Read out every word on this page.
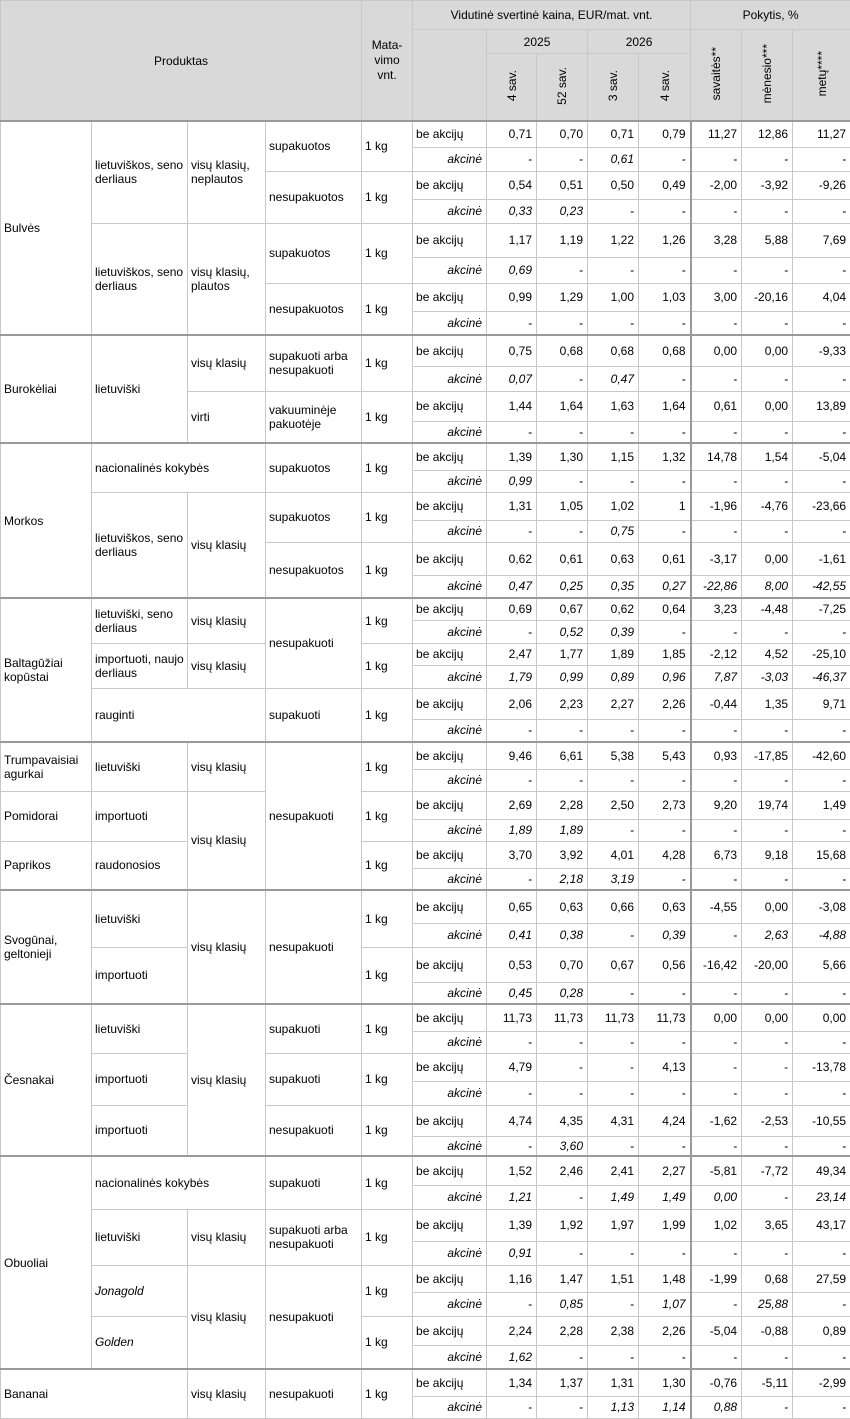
Produktas				Mata-vimo vnt.	Vidutinė svertinė kaina, EUR/mat. vnt.					Pokytis, %		
						2025		2026		savaitės**	mėnesio***	metų****
						4 sav.	52 sav.	3 sav.	4 sav.			
Bulvės	lietuviškos, seno derliaus	visų klasių, neplautos	supakuotos	1 kg	be akcijų	0,71	0,70	0,71	0,79	11,27	12,86	11,27
					akcinė	-	-	0,61	-	-	-	-
			nesupakuotos	1 kg	be akcijų	0,54	0,51	0,50	0,49	-2,00	-3,92	-9,26
					akcinė	0,33	0,23	-	-	-	-	-
	lietuviškos, seno derliaus	visų klasių, plautos	supakuotos	1 kg	be akcijų	1,17	1,19	1,22	1,26	3,28	5,88	7,69
					akcinė	0,69	-	-	-	-	-	-
			nesupakuotos	1 kg	be akcijų	0,99	1,29	1,00	1,03	3,00	-20,16	4,04
					akcinė	-	-	-	-	-	-	-
Burokėliai	lietuviški	visų klasių	supakuoti arba nesupakuoti	1 kg	be akcijų	0,75	0,68	0,68	0,68	0,00	0,00	-9,33
					akcinė	0,07	-	0,47	-	-	-	-
		virti	vakuuminėje pakuotėje	1 kg	be akcijų	1,44	1,64	1,63	1,64	0,61	0,00	13,89
					akcinė	-	-	-	-	-	-	-
Morkos	nacionalinės kokybės		supakuotos	1 kg	be akcijų	1,39	1,30	1,15	1,32	14,78	1,54	-5,04
					akcinė	0,99	-	-	-	-	-	-
	lietuviškos, seno derliaus	visų klasių	supakuotos	1 kg	be akcijų	1,31	1,05	1,02	1	-1,96	-4,76	-23,66
					akcinė	-	-	0,75	-	-	-	-
			nesupakuotos	1 kg	be akcijų	0,62	0,61	0,63	0,61	-3,17	0,00	-1,61
					akcinė	0,47	0,25	0,35	0,27	-22,86	8,00	-42,55
Baltagūžiai kopūstai	lietuviški, seno derliaus	visų klasių	nesupakuoti	1 kg	be akcijų	0,69	0,67	0,62	0,64	3,23	-4,48	-7,25
					akcinė	-	0,52	0,39	-	-	-	-
	importuoti, naujo derliaus	visų klasių		1 kg	be akcijų	2,47	1,77	1,89	1,85	-2,12	4,52	-25,10
					akcinė	1,79	0,99	0,89	0,96	7,87	-3,03	-46,37
	rauginti		supakuoti	1 kg	be akcijų	2,06	2,23	2,27	2,26	-0,44	1,35	9,71
					akcinė	-	-	-	-	-	-	-
Trumpavaisiai agurkai	lietuviški	visų klasių	nesupakuoti	1 kg	be akcijų	9,46	6,61	5,38	5,43	0,93	-17,85	-42,60
					akcinė	-	-	-	-	-	-	-
Pomidorai	importuoti	visų klasių		1 kg	be akcijų	2,69	2,28	2,50	2,73	9,20	19,74	1,49
					akcinė	1,89	1,89	-	-	-	-	-
Paprikos	raudonosios			1 kg	be akcijų	3,70	3,92	4,01	4,28	6,73	9,18	15,68
					akcinė	-	2,18	3,19	-	-	-	-
Svogūnai, geltonieji	lietuviški	visų klasių	nesupakuoti	1 kg	be akcijų	0,65	0,63	0,66	0,63	-4,55	0,00	-3,08
					akcinė	0,41	0,38	-	0,39	-	2,63	-4,88
	importuoti			1 kg	be akcijų	0,53	0,70	0,67	0,56	-16,42	-20,00	5,66
					akcinė	0,45	0,28	-	-	-	-	-
Česnakai	lietuviški	visų klasių	supakuoti	1 kg	be akcijų	11,73	11,73	11,73	11,73	0,00	0,00	0,00
					akcinė	-	-	-	-	-	-	-
	importuoti		supakuoti	1 kg	be akcijų	4,79	-	-	4,13	-	-	-13,78
					akcinė	-	-	-	-	-	-	-
	importuoti		nesupakuoti	1 kg	be akcijų	4,74	4,35	4,31	4,24	-1,62	-2,53	-10,55
					akcinė	-	3,60	-	-	-	-	-
Obuoliai	nacionalinės kokybės		supakuoti	1 kg	be akcijų	1,52	2,46	2,41	2,27	-5,81	-7,72	49,34
					akcinė	1,21	-	1,49	1,49	0,00	-	23,14
	lietuviški	visų klasių	supakuoti arba nesupakuoti	1 kg	be akcijų	1,39	1,92	1,97	1,99	1,02	3,65	43,17
					akcinė	0,91	-	-	-	-	-	-
	Jonagold	visų klasių	nesupakuoti	1 kg	be akcijų	1,16	1,47	1,51	1,48	-1,99	0,68	27,59
					akcinė	-	0,85	-	1,07	-	25,88	-
	Golden			1 kg	be akcijų	2,24	2,28	2,38	2,26	-5,04	-0,88	0,89
					akcinė	1,62	-	-	-	-	-	-
Bananai		visų klasių	nesupakuoti	1 kg	be akcijų	1,34	1,37	1,31	1,30	-0,76	-5,11	-2,99
					akcinė	-	-	1,13	1,14	0,88	-	-
